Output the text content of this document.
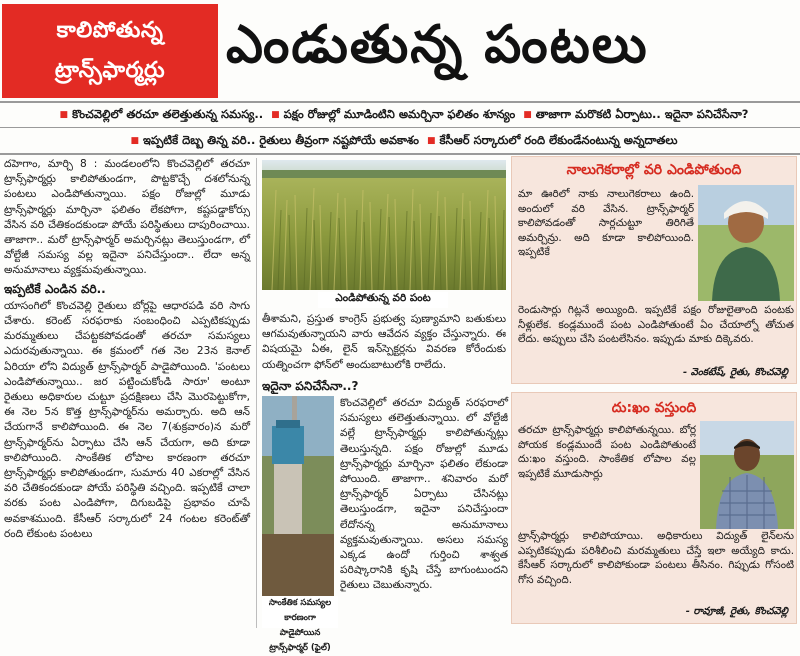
కాలిపోతున్న
ట్రాన్స్‌ఫార్మర్లు ఎండుతున్న పంటలు
■ కొంచవెల్లిలో తరచూ తలెత్తుతున్న సమస్య.. ■ పక్షం రోజుల్లో మూడింటిని అమర్చినా ఫలితం శూన్యం ■ తాజాగా మరొకటి ఏర్పాటు.. ఇదైనా పనిచేసేనా?
■ ఇప్పటికే దెబ్బ తిన్న వరి.. రైతులు తీవ్రంగా నష్టపోయే అవకాశం ■ కేసీఆర్‌ సర్కారులో రంది లేకుండేనంటున్న అన్నదాతలు

దహెగాం, మార్చి 8 : మండలంలోని కొంచవెల్లిలో తరచూ ట్రాన్స్‌ఫార్మర్లు కాలిపోతుండగా, పొట్టకొచ్చే దశలోనున్న పంటలు ఎండిపోతున్నాయి. పక్షం రోజుల్లో మూడు ట్రాన్స్‌ఫార్మర్లు మార్చినా ఫలితం లేకపోగా, కష్టపడ్డాకోర్సు వేసిన వరి చేతికందకుండా పోయే పరిస్థితులు దాపురించాయి. తాజాగా.. మరో ట్రాన్స్‌ఫార్మర్‌ అమర్చినట్లు తెలుస్తుండగా, లో వోల్టేజీ సమస్య వల్ల ఇదైనా పనిచేస్తుందా.. లేదా అన్న అనుమానాలు వ్యక్తమవుతున్నాయి.

ఇప్పటికే ఎండిన వరి..

యాసంగిలో కొంచవెల్లి రైతులు బోర్లపై ఆధారపడి వరి సాగు చేశారు. కరెంట్‌ సరఫరాకు సంబంధించి ఎప్పటికప్పుడు మరమ్మతులు చేపట్టకపోవడంతో తరచూ సమస్యలు ఎదురవుతున్నాయి. ఈ క్రమంలో గత నెల 23న కెనాల్‌ ఏరియా లోని విద్యుత్‌ ట్రాన్స్‌ఫార్మర్‌ పాడైపోయింది. 'పంటలు ఎండిపోతున్నాయి.. జర పట్టించుకోండి సారూ' అంటూ రైతులు అధికారుల చుట్టూ ప్రదక్షిణలు చేసి మొరపెట్టుకోగా, ఈ నెల 5న కొత్త ట్రాన్స్‌ఫార్మర్‌ను అమర్చారు. అది ఆన్‌ చేయగానే కాలిపోయింది. ఈ నెల 7(శుక్రవారం)న మరో ట్రాన్స్‌ఫార్మర్‌ను ఏర్పాటు చేసి ఆన్‌ చేయగా, అది కూడా కాలిపోయింది. సాంకేతిక లోపాల కారణంగా తరచూ ట్రాన్స్‌ఫార్మర్లు కాలిపోతుండగా, సుమారు 40 ఎకరాల్లో వేసిన వరి చేతికందకుండా పోయే పరిస్థితి వచ్చింది. ఇప్పటికే చాలా వరకు పంట ఎండిపోగా, దిగుబడిపై ప్రభావం చూపే అవకాశముంది. కేసీఆర్‌ సర్కారులో 24 గంటల కరెంట్‌తో రంది లేకుంట పంటలు

ఎండిపోతున్న వరి పంట

తీశామని, ప్రస్తుత కాంగ్రెస్‌ ప్రభుత్వ పుణ్యామాని బతుకులు ఆగమవుతున్నాయని వారు ఆవేదన వ్యక్తం చేస్తున్నారు. ఈ విషయమై ఏఈ, లైన్‌ ఇన్‌స్పెక్టర్లను వివరణ కోరేందుకు యత్నించగా ఫోన్‌లో అందుబాటులోకి రాలేదు.

ఇదైనా పనిచేసేనా..?

కొంచవెల్లిలో తరచూ విద్యుత్‌ సరఫరాలో సమస్యలు తలెత్తుతున్నాయి. లో వోల్టేజీ వల్లే ట్రాన్స్‌ఫార్మర్లు కాలిపోతున్నట్లు తెలుస్తున్నది. పక్షం రోజుల్లో మూడు ట్రాన్స్‌ఫార్మర్లు మార్చినా ఫలితం లేకుండా పోయింది. తాజాగా.. శనివారం మరో ట్రాన్స్‌ఫార్మర్‌ ఏర్పాటు చేసినట్లు తెలుస్తుండగా, ఇదైనా పనిచేస్తుందా లేదోనన్న అనుమానాలు వ్యక్తమవుతున్నాయి. అసలు సమస్య ఎక్కడ ఉందో గుర్తించి శాశ్వత పరిష్కారానికి కృషి చేస్తే బాగుంటుందని రైతులు చెబుతున్నారు.

సాంకేతిక సమస్యల కారణంగా
పాడైపోయిన ట్రాన్స్‌ఫార్మర్‌ (ఫైల్‌)
నాలుగెకరాల్లో వరి ఎండిపోతుంది
మా ఊరిలో నాకు నాలుగెకరాలు ఉంది. అందులో వరి వేసిన. ట్రాన్స్‌ఫార్మర్‌ కాలిపోవడంతో సార్లచుట్టూ తిరిగితే అమర్చిన్రు. అది కూడా కాలిపోయింది. ఇప్పటికే
రెండుసార్లు గిట్లనే అయ్యింది. ఇప్పటికే పక్షం రోజులైతాంది పంటకు నీళ్లులేక. కండ్లముందే పంట ఎండిపోతుంటే ఏం చేయాల్నో తోచుత లేదు. అప్పులు చేసి పంటలేసినం. ఇప్పుడు మాకు దిక్కెవరు.
- వెంకటేష్‌, రైతు, కొంచవెల్లి
దు:ఖం వస్తుంది
తరచూ ట్రాన్స్‌ఫార్మర్లు కాలిపోతున్నయి. బోర్ల పోయక కండ్లముందే పంట ఎండిపోతుంటే దు:ఖం వస్తుంది. సాంకేతిక లోపాల వల్ల ఇప్పటికే మూడుసార్లు
ట్రాన్స్‌ఫార్మర్లు కాలిపోయాయి. అధికారులు విద్యుత్‌ లైన్‌లను ఎప్పటికప్పుడు పరిశీలించి మరమ్మతులు చేస్తే ఇలా అయ్యేది కాదు. కేసీఆర్‌ సర్కారులో కాలిపోకుండా పంటలు తీసినం. గిప్పుడు గోసంటి గోస వచ్చింది.
- రావూజీ, రైతు, కొంచవెల్లి
